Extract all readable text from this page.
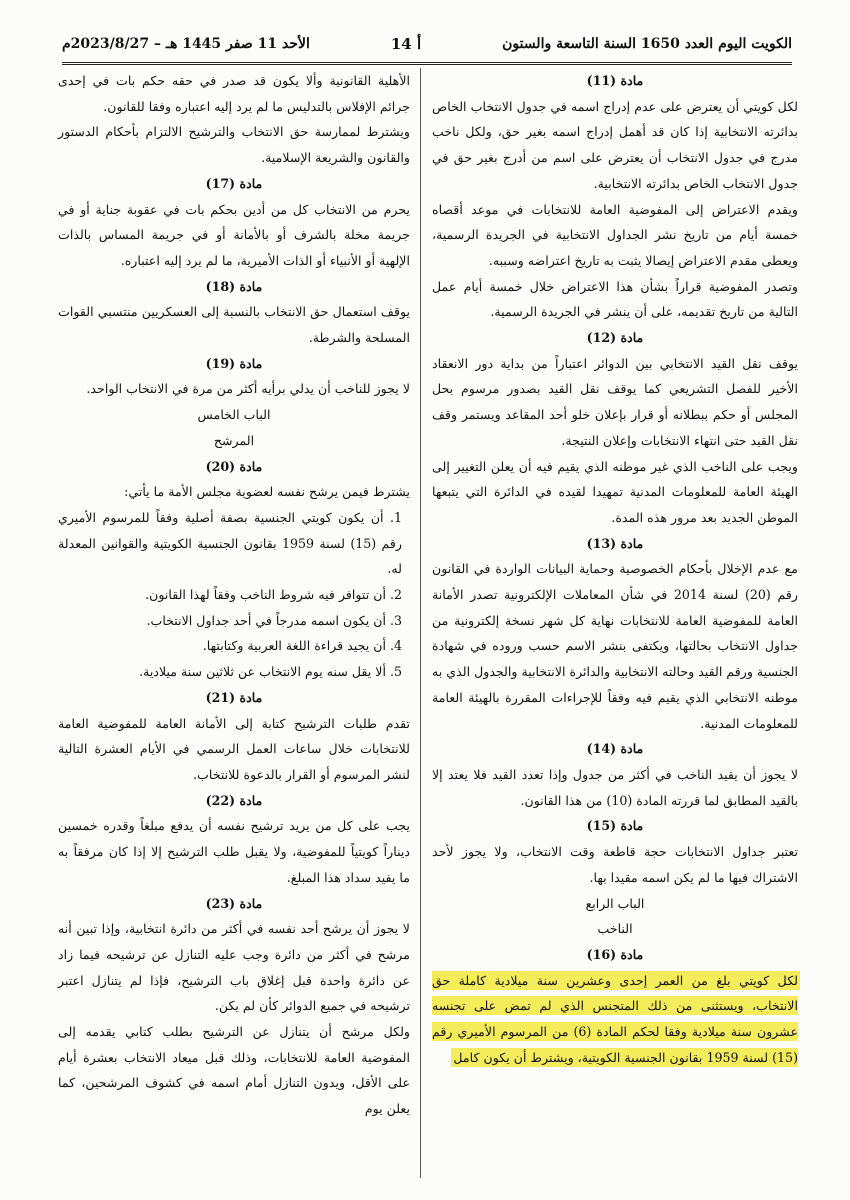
الكويت اليوم العدد 1650 السنة التاسعة والستون
أ 14
الأحد 11 صفر 1445 هـ – 2023/8/27م

مادة (11)

لكل كويتي أن يعترض على عدم إدراج اسمه في جدول الانتخاب الخاص بدائرته الانتخابية إذا كان قد أهمل إدراج اسمه بغير حق، ولكل ناخب مدرج في جدول الانتخاب أن يعترض على اسم من أدرج بغير حق في جدول الانتخاب الخاص بدائرته الانتخابية.

ويقدم الاعتراض إلى المفوضية العامة للانتخابات في موعد أقصاه خمسة أيام من تاريخ نشر الجداول الانتخابية في الجريدة الرسمية، ويعطى مقدم الاعتراض إيصالا يثبت به تاريخ اعتراضه وسببه.

وتصدر المفوضية قراراً بشأن هذا الاعتراض خلال خمسة أيام عمل التالية من تاريخ تقديمه، على أن ينشر في الجريدة الرسمية.

مادة (12)

يوقف نقل القيد الانتخابي بين الدوائر اعتباراً من بداية دور الانعقاد الأخير للفصل التشريعي كما يوقف نقل القيد بصدور مرسوم بحل المجلس أو حكم ببطلانه أو قرار بإعلان خلو أحد المقاعد ويستمر وقف نقل القيد حتى انتهاء الانتخابات وإعلان النتيجة.

ويجب على الناخب الذي غير موطنه الذي يقيم فيه أن يعلن التغيير إلى الهيئة العامة للمعلومات المدنية تمهيدا لقيده في الدائرة التي يتبعها الموطن الجديد بعد مرور هذه المدة.

مادة (13)

مع عدم الإخلال بأحكام الخصوصية وحماية البيانات الواردة في القانون رقم (20) لسنة 2014 في شأن المعاملات الإلكترونية تصدر الأمانة العامة للمفوضية العامة للانتخابات نهاية كل شهر نسخة إلكترونية من جداول الانتخاب بحالتها، ويكتفى بنشر الاسم حسب وروده في شهادة الجنسية ورقم القيد وحالته الانتخابية والدائرة الانتخابية والجدول الذي به موطنه الانتخابي الذي يقيم فيه وفقاً للإجراءات المقررة بالهيئة العامة للمعلومات المدنية.

مادة (14)

لا يجوز أن يقيد الناخب في أكثر من جدول وإذا تعدد القيد فلا يعتد إلا بالقيد المطابق لما قررته المادة (10) من هذا القانون.

مادة (15)

تعتبر جداول الانتخابات حجة قاطعة وقت الانتخاب، ولا يجوز لأحد الاشتراك فيها ما لم يكن اسمه مقيدا بها.

الباب الرابع

الناخب

مادة (16)

لكل كويتي بلغ من العمر إحدى وعشرين سنة ميلادية كاملة حق الانتخاب، ويستثنى من ذلك المتجنس الذي لم تمض على تجنسه عشرون سنة ميلادية وفقا لحكم المادة (6) من المرسوم الأميري رقم (15) لسنة 1959 بقانون الجنسية الكويتية، ويشترط أن يكون كامل

الأهلية القانونية وألا يكون قد صدر في حقه حكم بات في إحدى جرائم الإفلاس بالتدليس ما لم يرد إليه اعتباره وفقا للقانون.

ويشترط لممارسة حق الانتخاب والترشيح الالتزام بأحكام الدستور والقانون والشريعة الإسلامية.

مادة (17)

يحرم من الانتخاب كل من أدين بحكم بات في عقوبة جناية أو في جريمة مخلة بالشرف أو بالأمانة أو في جريمة المساس بالذات الإلهية أو الأنبياء أو الذات الأميرية، ما لم يرد إليه اعتباره.

مادة (18)

يوقف استعمال حق الانتخاب بالنسبة إلى العسكريين منتسبي القوات المسلحة والشرطة.

مادة (19)

لا يجوز للناخب أن يدلي برأيه أكثر من مرة في الانتخاب الواحد.

الباب الخامس

المرشح

مادة (20)

يشترط فيمن يرشح نفسه لعضوية مجلس الأمة ما يأتي:

1. أن يكون كويتي الجنسية بصفة أصلية وفقاً للمرسوم الأميري رقم (15) لسنة 1959 بقانون الجنسية الكويتية والقوانين المعدلة له.

2. أن تتوافر فيه شروط الناخب وفقاً لهذا القانون.

3. أن يكون اسمه مدرجاً في أحد جداول الانتخاب.

4. أن يجيد قراءة اللغة العربية وكتابتها.

5. ألا يقل سنه يوم الانتخاب عن ثلاثين سنة ميلادية.

مادة (21)

تقدم طلبات الترشيح كتابة إلى الأمانة العامة للمفوضية العامة للانتخابات خلال ساعات العمل الرسمي في الأيام العشرة التالية لنشر المرسوم أو القرار بالدعوة للانتخاب.

مادة (22)

يجب على كل من يريد ترشيح نفسه أن يدفع مبلغاً وقدره خمسين ديناراً كويتياً للمفوضية، ولا يقبل طلب الترشيح إلا إذا كان مرفقاً به ما يفيد سداد هذا المبلغ.

مادة (23)

لا يجوز أن يرشح أحد نفسه في أكثر من دائرة انتخابية، وإذا تبين أنه مرشح في أكثر من دائرة وجب عليه التنازل عن ترشيحه فيما زاد عن دائرة واحدة قبل إغلاق باب الترشيح، فإذا لم يتنازل اعتبر ترشيحه في جميع الدوائر كأن لم يكن.

ولكل مرشح أن يتنازل عن الترشيح بطلب كتابي يقدمه إلى المفوضية العامة للانتخابات، وذلك قبل ميعاد الانتخاب بعشرة أيام على الأقل، ويدون التنازل أمام اسمه في كشوف المرشحين، كما يعلن يوم
